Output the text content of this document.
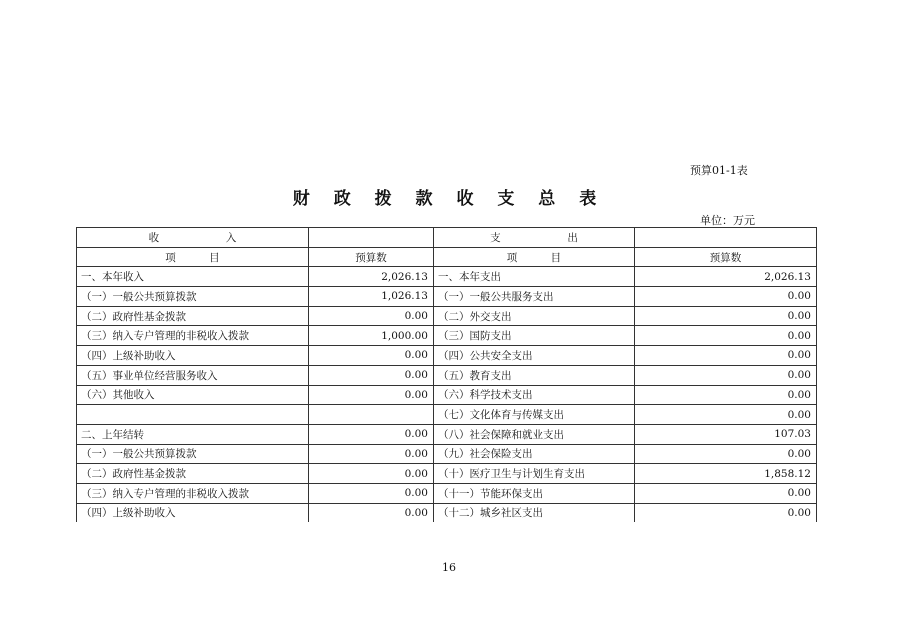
预算01-1表
财 政 拨 款 收 支 总 表
单位：万元
收                    入		支                    出	
项          目	预算数	项          目	预算数
一、本年收入	2,026.13	一、本年支出	2,026.13
（一）一般公共预算拨款	1,026.13	（一）一般公共服务支出	0.00
（二）政府性基金拨款	0.00	（二）外交支出	0.00
（三）纳入专户管理的非税收入拨款	1,000.00	（三）国防支出	0.00
（四）上级补助收入	0.00	（四）公共安全支出	0.00
（五）事业单位经营服务收入	0.00	（五）教育支出	0.00
（六）其他收入	0.00	（六）科学技术支出	0.00
		（七）文化体育与传媒支出	0.00
二、上年结转	0.00	（八）社会保障和就业支出	107.03
（一）一般公共预算拨款	0.00	（九）社会保险支出	0.00
（二）政府性基金拨款	0.00	（十）医疗卫生与计划生育支出	1,858.12
（三）纳入专户管理的非税收入拨款	0.00	（十一）节能环保支出	0.00
（四）上级补助收入	0.00	（十二）城乡社区支出	0.00
16
